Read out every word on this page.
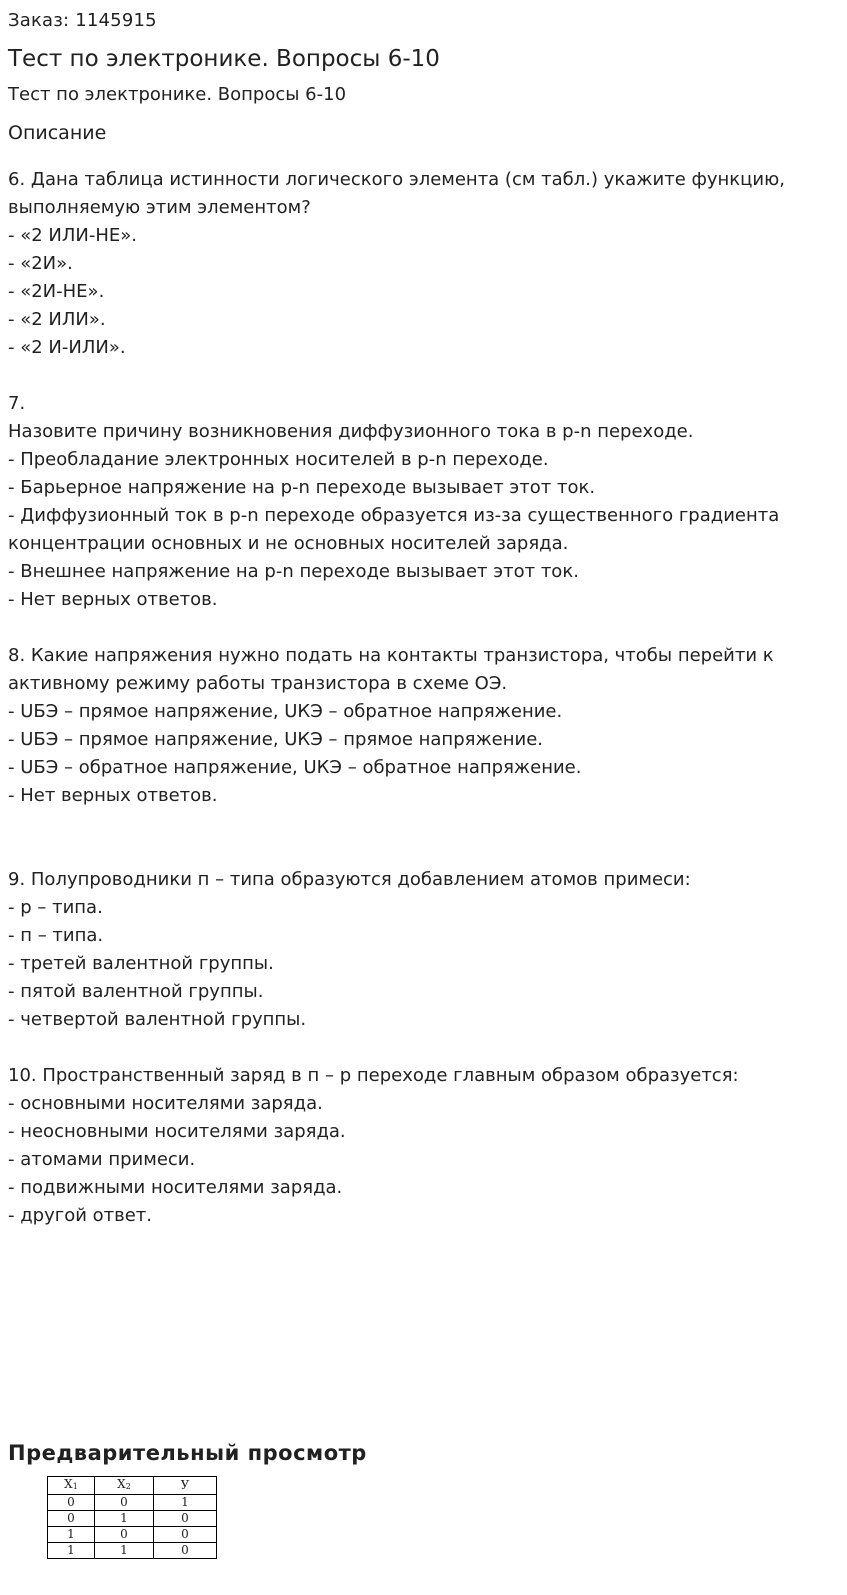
Заказ: 1145915
Тест по электронике. Вопросы 6-10
Тест по электронике. Вопросы 6-10
Описание
6. Дана таблица истинности логического элемента (см табл.) укажите функцию,
выполняемую этим элементом?
- «2 ИЛИ-НЕ».
- «2И».
- «2И-НЕ».
- «2 ИЛИ».
- «2 И-ИЛИ».
7.
Назовите причину возникновения диффузионного тока в p-n переходе.
- Преобладание электронных носителей в p-n переходе.
- Барьерное напряжение на p-n переходе вызывает этот ток.
- Диффузионный ток в p-n переходе образуется из-за существенного градиента
концентрации основных и не основных носителей заряда.
- Внешнее напряжение на p-n переходе вызывает этот ток.
- Нет верных ответов.
8. Какие напряжения нужно подать на контакты транзистора, чтобы перейти к
активному режиму работы транзистора в схеме ОЭ.
- UБЭ – прямое напряжение, UКЭ – обратное напряжение.
- UБЭ – прямое напряжение, UКЭ – прямое напряжение.
- UБЭ – обратное напряжение, UКЭ – обратное напряжение.
- Нет верных ответов.
9. Полупроводники п – типа образуются добавлением атомов примеси:
- p – типа.
- п – типа.
- третей валентной группы.
- пятой валентной группы.
- четвертой валентной группы.
10. Пространственный заряд в п – р переходе главным образом образуется:
- основными носителями заряда.
- неосновными носителями заряда.
- атомами примеси.
- подвижными носителями заряда.
- другой ответ.
Предварительный просмотр
$X_1$	$X_2$	У
0	0	1
0	1	0
1	0	0
1	1	0
